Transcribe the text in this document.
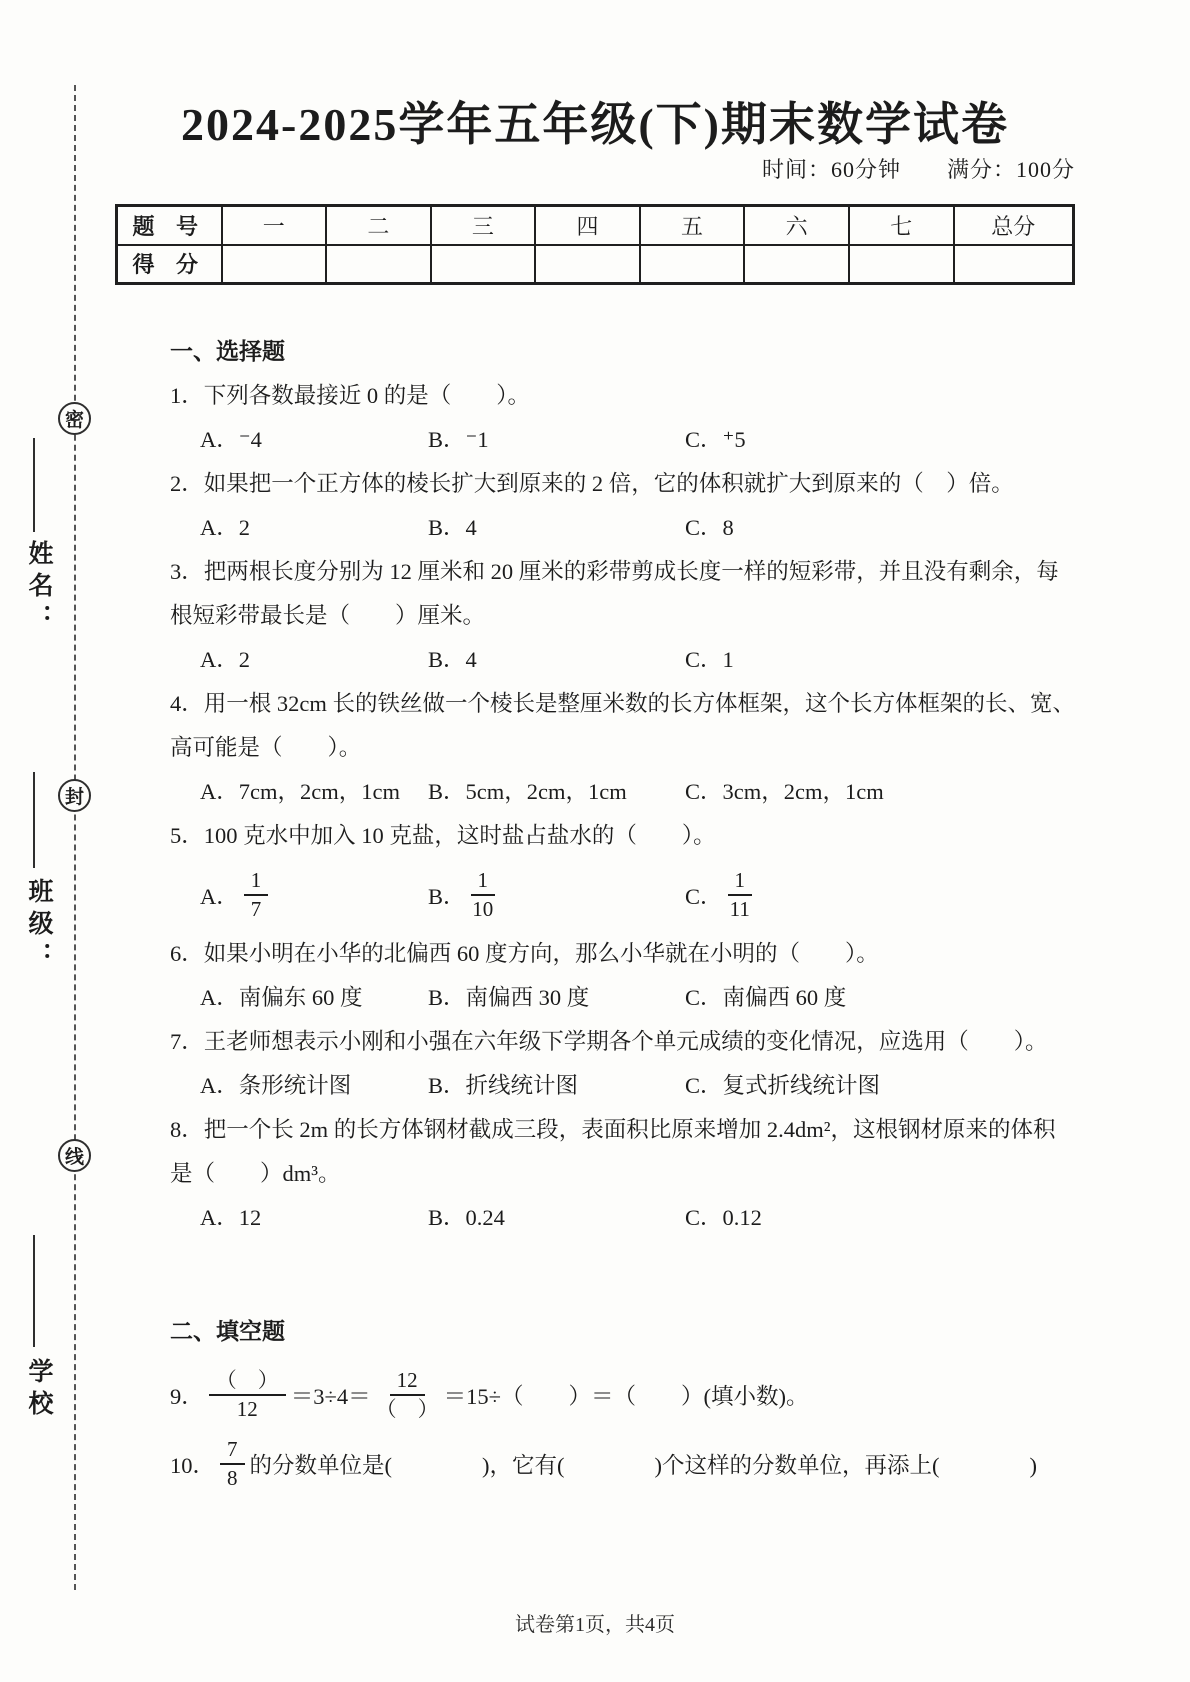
密
封
线
姓名：
班级：
学校
2024-2025学年五年级(下)期末数学试卷
时间：60分钟　　满分：100分
题 号	一	二	三	四	五	六	七	总分
得 分								
一、选择题
1．下列各数最接近 0 的是（　　）。
A．⁻4	B．⁻1	C．⁺5
2．如果把一个正方体的棱长扩大到原来的 2 倍，它的体积就扩大到原来的（　）倍。
A．2	B．4	C．8
3．把两根长度分别为 12 厘米和 20 厘米的彩带剪成长度一样的短彩带，并且没有剩余，每
根短彩带最长是（　　）厘米。
A．2	B．4	C．1
4．用一根 32cm 长的铁丝做一个棱长是整厘米数的长方体框架，这个长方体框架的长、宽、
高可能是（　　）。
A．7cm，2cm，1cm	B．5cm，2cm，1cm	C．3cm，2cm，1cm
5．100 克水中加入 10 克盐，这时盐占盐水的（　　）。
A． $\frac{1}{7}$	B． $\frac{1}{10}$	C． $\frac{1}{11}$
6．如果小明在小华的北偏西 60 度方向，那么小华就在小明的（　　）。
A．南偏东 60 度	B．南偏西 30 度	C．南偏西 60 度
7．王老师想表示小刚和小强在六年级下学期各个单元成绩的变化情况，应选用（　　）。
A．条形统计图	B．折线统计图	C．复式折线统计图
8．把一个长 2m 的长方体钢材截成三段，表面积比原来增加 2.4dm²，这根钢材原来的体积
是（　　）dm³。
A．12	B．0.24	C．0.12
二、填空题
9． $\frac{( )}{12} =3\div 4= \frac{12}{( )} =15\div$（　　）＝（　　）(填小数)。
10． $\frac{7}{8}$ 的分数单位是(　　　　)，它有(　　　　)个这样的分数单位，再添上(　　　　)
试卷第1页，共4页
